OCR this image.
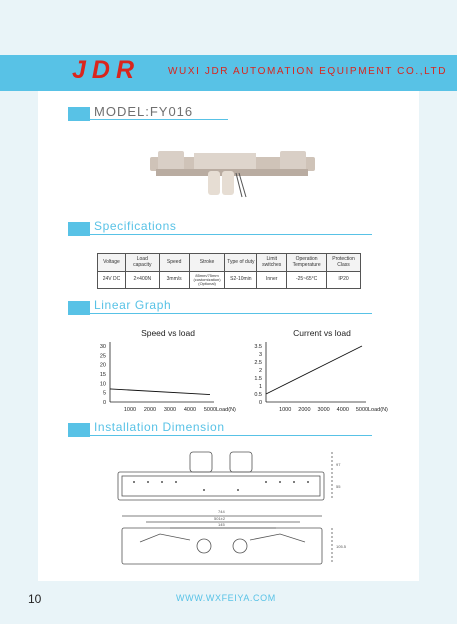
JDR	WUXI JDR AUTOMATION EQUIPMENT CO.,LTD
MODEL:FY016
Specifications
Voltage	Load capacity	Speed	Stroke	Type of duty	Limit switches	Operation Temperature	Protection Class
24V DC	2×400N	3mm/s	85mm/75mm (customization) (Optional)	S2-10min	Inner	-25~65°C	IP20
Linear Graph
Speed vs load
0
5
10
15
20
25
30
1000 2000 3000 4000 5000 Load(N)
Current vs load
0
0.5
1
1.5
2
2.5
3
3.5
1000 2000 3000 4000 5000 Load(N)
Installation Dimension
97
55
744
501±2
145
105.5
10	WWW.WXFEIYA.COM
